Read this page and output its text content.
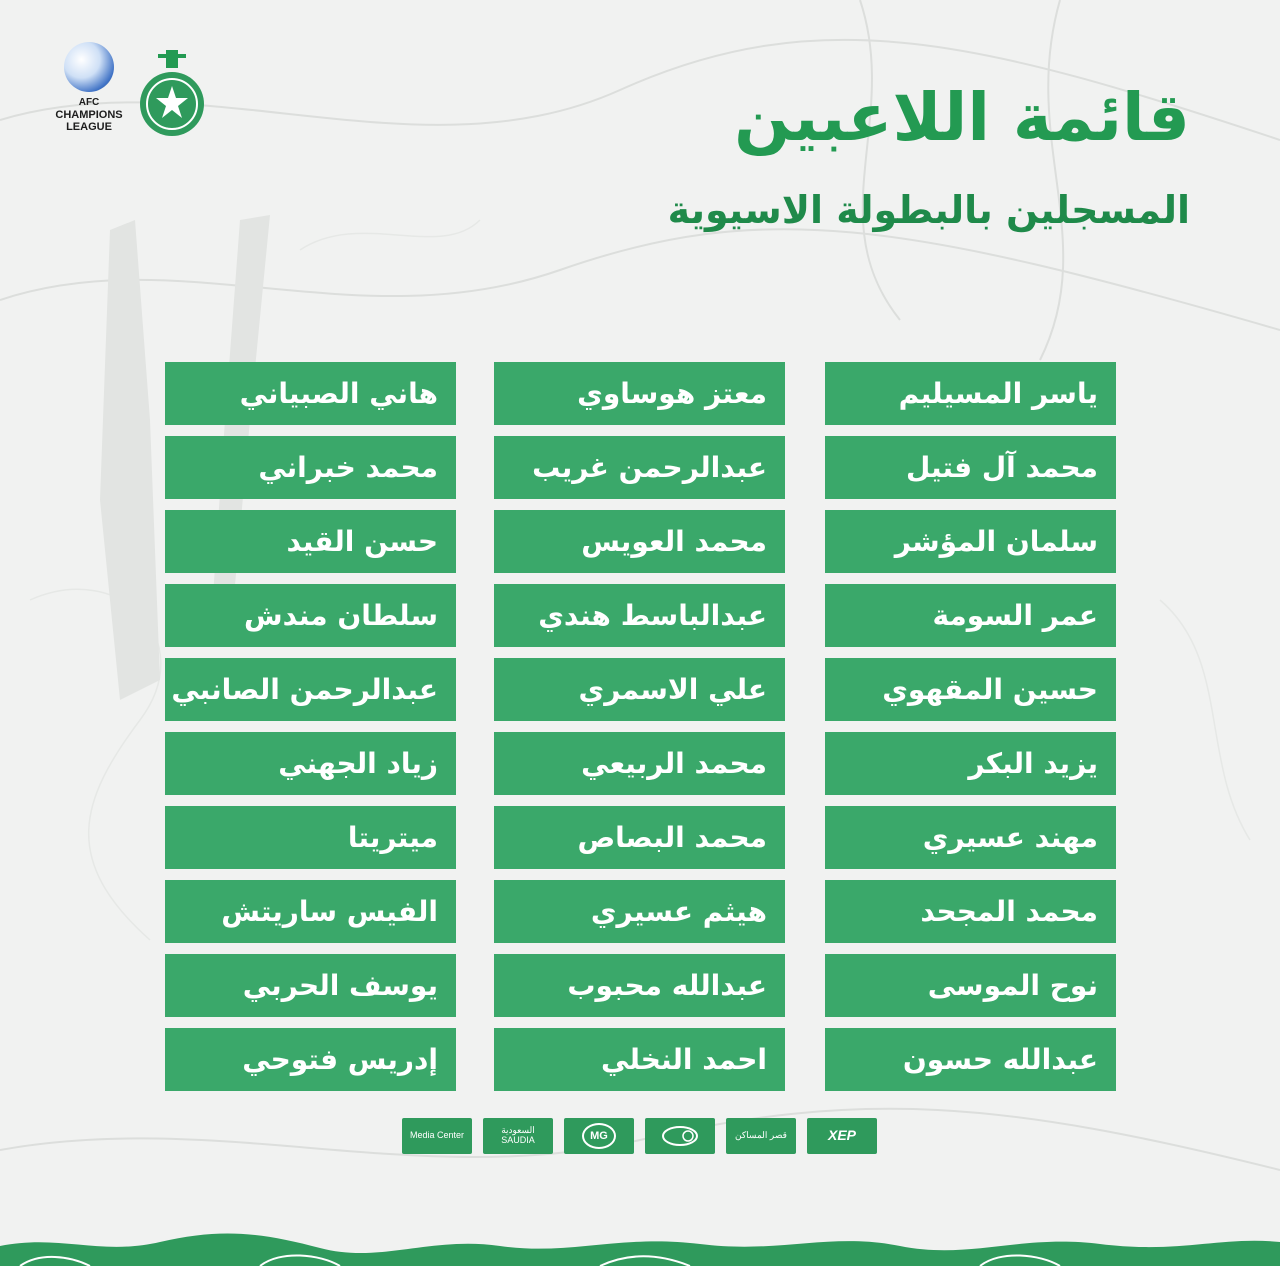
AFC
CHAMPIONS
LEAGUE	قائمة اللاعبين
المسجلين بالبطولة الاسيوية
ياسر المسيليم
محمد آل فتيل
سلمان المؤشر
عمر السومة
حسين المقهوي
يزيد البكر
مهند عسيري
محمد المجحد
نوح الموسى
عبدالله حسون
معتز هوساوي
عبدالرحمن غريب
محمد العويس
عبدالباسط هندي
علي الاسمري
محمد الربيعي
محمد البصاص
هيثم عسيري
عبدالله محبوب
احمد النخلي
هاني الصبياني
محمد خبراني
حسن القيد
سلطان مندش
عبدالرحمن الصانبي
زياد الجهني
ميتريتا
الفيس ساريتش
يوسف الحربي
إدريس فتوحي
Media Center	السعودية
SAUDIA	MG	قصر المساكن	XEP
